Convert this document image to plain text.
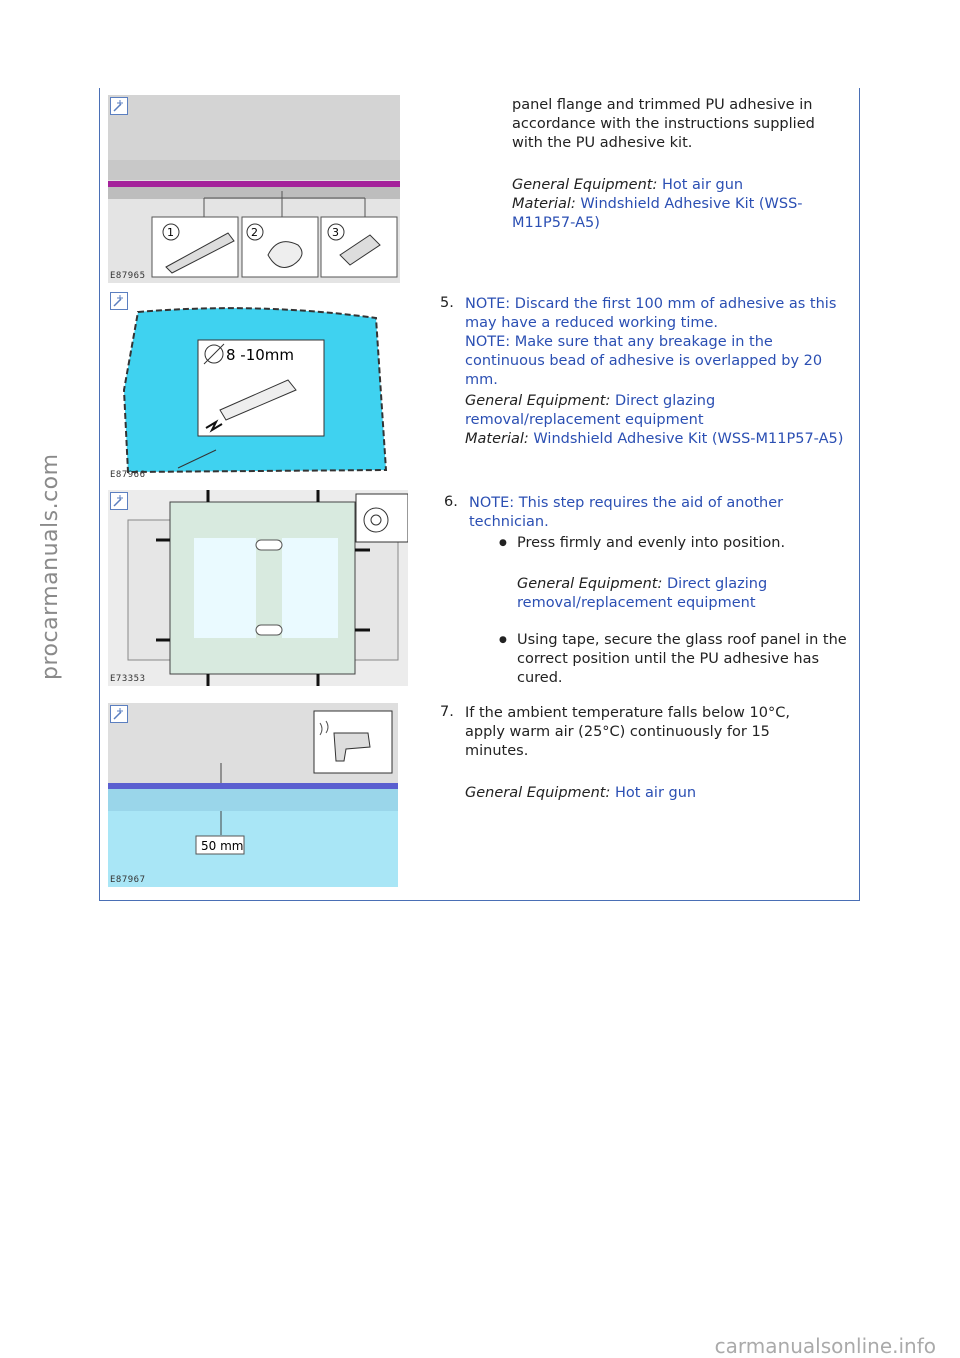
1	2	3
E87965
panel flange and trimmed PU adhesive in accordance with the instructions supplied with the PU adhesive kit.
General Equipment: Hot air gun
Material: Windshield Adhesive Kit (WSS-M11P57-A5)
8 -10mm
E87966
5. NOTE: Discard the first 100 mm of adhesive as this may have a reduced working time.
NOTE: Make sure that any breakage in the continuous bead of adhesive is overlapped by 20 mm.
General Equipment: Direct glazing removal/replacement equipment
Material: Windshield Adhesive Kit (WSS-M11P57-A5)
E73353
6. NOTE: This step requires the aid of another technician.
● Press firmly and evenly into position.
General Equipment: Direct glazing removal/replacement equipment
● Using tape, secure the glass roof panel in the correct position until the PU adhesive has cured.
50 mm
E87967
7. If the ambient temperature falls below 10°C, apply warm air (25°C) continuously for 15 minutes.
General Equipment: Hot air gun
procarmanuals.com
carmanualsonline.info
